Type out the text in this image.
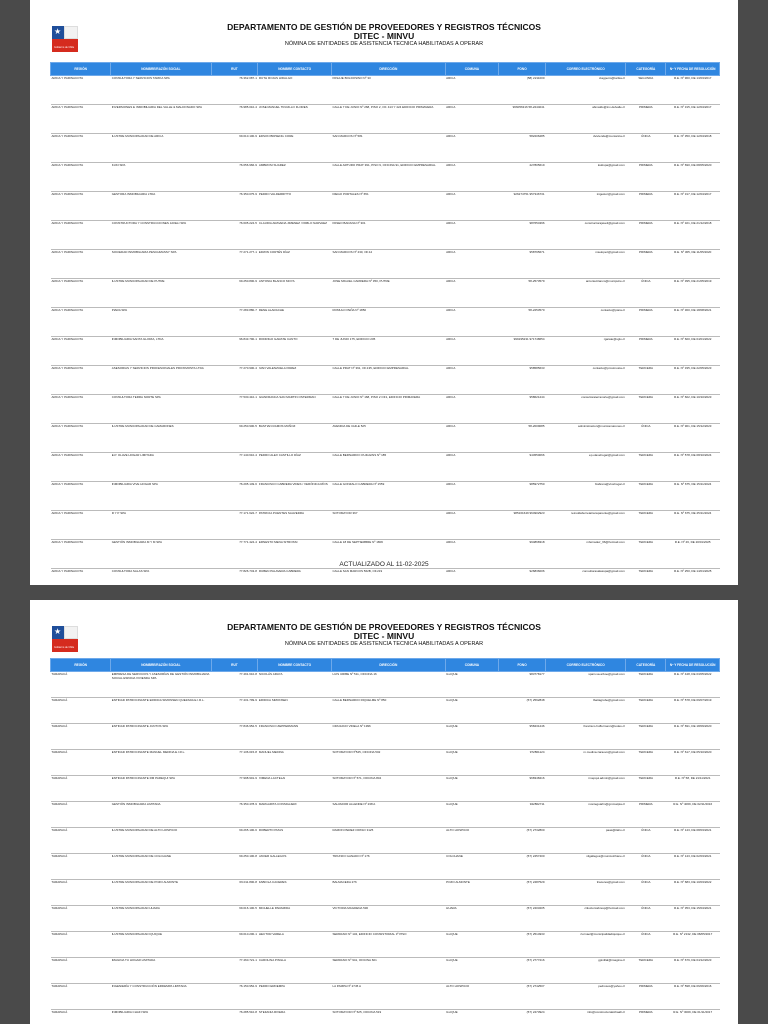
★
Gobierno de Chile
DEPARTAMENTO DE GESTIÓN DE PROVEEDORES Y REGISTROS TÉCNICOS
DITEC - MINVU
NÓMINA DE ENTIDADES DE ASISTENCIA TECNICA HABILITADAS A OPERAR
REGIÓN	NOMBRE/RAZÓN SOCIAL	RUT	NOMBRE CONTACTO	DIRECCIÓN	COMUNA	FONO	CORREO ELECTRÓNICO	CATEGORÍA	Nº Y FECHA DE RESOLUCIÓN
ARICA Y PARINACOTA	CONSULTORA Y SERVICIOS TARIKA SPA	76.362.087-1	RUTH ROJAS HIDALGO	PASAJE BOLDOSINO Nº 33	ARICA	(58) 2211000	ctagpeiro@tarika.cl	SEGUNDA	R.E. Nº 960, DE 13/03/2017
ARICA Y PARINACOTA	INVERSIONES E INMOBILIARIA DEL VALLE & MALDONADO SPA	76.985.010-4	JOSE MANUEL TRUJILLO FLORES	CALLE 7 DE JUNIO Nº 268, PISO 2, OF. 413 Y 424 EDIFICIO PRIMAVERA	ARICA	966056316 58-2244041	abmaldo@inv-delvalle.cl	PRIMERA	R.E. Nº 315, DE 12/04/2017
ARICA Y PARINACOTA	ILUSTRE MUNICIPALIDAD DE ARICA	69.010.100-9	EDSON BIRSENG CORE	SAN MARCOS Nº 581	ARICA	582206285	dvivienda@muniarica.cl	ÚNICA	R.E. Nº 350, DE 12/04/2018
ARICA Y PARINACOTA	KUKI SPA	76.656.966-9	AMBROSI SUAREZ	CALLE ARTURO PRAT 391, PISO 9, OFICINA 91, EDIFICIO EMPRESARIAL	ARICA	227805619	kukispa@gmail.com	PRIMERA	R.E. Nº 690, DE 08/05/2020
ARICA Y PARINACOTA	GESTORA INMOBILIARIA LTDA	76.350.075-9	PEDRO VALDERRITTO	DIEGO PORTALES Nº 651	ARICA	926274751 957346731	inigestor@gmail.com	PRIMERA	R.E. Nº 317, DE 12/04/2017
ARICA Y PARINACOTA	CONSTRUCTORA Y CONSTRUCCIONES JAVELI SPA	76.605.224-5	CLAUDIA ARAVENA JIMENEZ / PABLO NARVAEZ	PASEO BADANA Nº 301	ARICA	987654396	constructorajaveli@gmail.com	PRIMERA	R.E. Nº 321, DE 21/12/2018
ARICA Y PARINACOTA	SOCIEDAD INMOBILIARIA PESCHMASSY SPA	77.271.277-1	EDWIN CORTÉS DÍAZ	SAN MARCOS Nº 430, OF.12	ARICA	958795671	mselopez@gmail.com	PRIMERA	R.E. Nº 305, DE 11/05/2020
ARICA Y PARINACOTA	ILUSTRE MUNICIPALIDAD DE PUTRE	69.250.800-9	ANTONIA BLANCO MOYA	JOSE MIGUEL CARRERA Nº 350, PUTRE	ARICA	58-2573579	antonia.blanco@muniputre.cl	ÚNICA	R.E. Nº 395, DE 21/05/2019
ARICA Y PARINACOTA	PIARA SPA	77.283.880-7	RENE ALARACHE	ROMULO PEÑA Nº 1850	ARICA	58-2253570	contacto@piara.cl	PRIMERA	R.E. Nº 300, DE 18/08/2021
ARICA Y PARINACOTA	INMOBILIARIA SANTA GLORIA, LTDA	96.843.790-1	RODRIGO GARATE CANTO	7 DE JUNIO 175, EDIFICIO 205	ARICA	999195231 971748654	rgarate@sglo.cl	PRIMERA	R.E. Nº 600, DE 04/01/2022
ARICA Y PARINACOTA	ASESORIAS Y SERVICIOS PROFESIONALES PROXIMOSTA LTDA	77.270.900-4	IVAN VALENZUELA PAREZ	CALLE PRAT Nº 391, OF.135, EDIFICIO EMPRESARIAL	ARICA	958585633	contacto@proximosta.cl	TERCERA	R.E. Nº 335, DE 22/05/2023
ARICA Y PARINACOTA	CONSULTORA TERRA NORTE SPA	77.530.410-1	GIANFRANCA SAN MARTIN OSTERMAN	CALLE 7 DE JUNIO Nº 168, PISO 2 OF1, EDIFICIO PRIMAVERA	ARICA	958621244	consultoraterranorte@gmail.com	TERCERA	R.E. Nº 602, DE 10/10/2023
ARICA Y PARINACOTA	ILUSTRE MUNICIPALIDAD DE CAMARONES	69.250.900-5	BASTIAN RAMOS MUÑOZ	AVENIDA DE CHILE 525	ARICA	58-2009085	administracion@municamarones.cl	ÚNICA	R.E. Nº 901, DE 15/12/2023
ARICA Y PARINACOTA	E.P. OLAVE HOGAR LIMITADA	77.140.610-4	PEDRO ALEX CASTILLO DÍAZ	CALLE BERNARDO O'HIGGINS Nº 185	ARICA	944550066	ep.olavehogar@gmail.com	TERCERA	R.E. Nº 578, DE 08/10/2024
ARICA Y PARINACOTA	INMOBILIARIA VIVE HOGAR SPA	76.295.149-6	FRANCISCO CABRERA VIDES / VERÓNICA RÍOS	CALLE GONZALO CABRERA Nº 1559	ARICA	985972750	fcabrera@vivehogar.cl	TERCERA	R.E. Nº 675, DE 15/11/2024
ARICA Y PARINACOTA	R Y P SPA	77.171.622-7	PATRICIA PUENTES SAAVEDRA	SOTOMAYOR 367	ARICA	985161649 964902923	reinoldaburretatransparente@gmail.com	TERCERA	R.E. Nº 675, DE 25/11/2024
ARICA Y PARINACOTA	GESTIÓN INMOBILIARIA M Y M SPA	77.771.424-4	ERNESTO MENA SITROSSI	CALLE 18 DE SEPTIEMBRE Nº 1806	ARICA	994868318	mfernadez_66@hotmail.com	TERCERA	R.E. Nº 46, DE 20/01/2025
ARICA Y PARINACOTA	CONSULTORA SALAS SPA	77.826.743-8	RUBEN PALAVERA CABRERA	CALLE SAN MARCOS 562B, OF.219	ARICA	926836006	consultorasalasspa@gmail.com	TERCERA	R.E. Nº 250, DE 14/01/2025

ACTUALIZADO AL 11-02-2025
★
Gobierno de Chile
DEPARTAMENTO DE GESTIÓN DE PROVEEDORES Y REGISTROS TÉCNICOS
DITEC - MINVU
NÓMINA DE ENTIDADES DE ASISTENCIA TECNICA HABILITADAS A OPERAR
REGIÓN	NOMBRE/RAZÓN SOCIAL	RUT	NOMBRE CONTACTO	DIRECCIÓN	COMUNA	FONO	CORREO ELECTRÓNICO	CATEGORÍA	Nº Y FECHA DE RESOLUCIÓN
TARAPACÁ	EMPRESA DE SERVICIOS Y ASESORÍAS DE GESTIÓN INMOBILIARIA SOCIAL ESPANA VIVIENDA SPA	77.491.610-8	NICOLÁS ARAYA	LUIS URIBE Nº 511, OFICINA 16	ILLIQUE	983778177	spain.sa.arboe@gmail.com	TERCERA	R.E. Nº 448, DE 03/05/2022
TARAPACÁ	ENTIDAD PATROCINANTE ERIDICA SIMONSEN QUEZADA E.I.R.L.	77.431.799-9	ERIDICA SIMONSEN	CALLE BERNARDO RIQUELME Nº 850	ILLIQUE	(57) 2592848	lbattagrobe@gmail.com	TERCERA	R.E. Nº 578, DE 09/07/2019
TARAPACÁ	ENTIDAD PATROCINANTE JUNTOS SPA	77.846.952-5	FRANCISCO ZEPPERMANN	CIRUJANO VIDELA Nº 1996	ILLIQUE	958431246	francisco.huffermann@todes.cl	TERCERA	R.E. Nº 691, DE 18/09/2020
TARAPACÁ	ENTIDAD PATROCINANTE MANUEL MEDINA E.I.R.L.	77.136.015-8	MANUEL MEDINA	SOTOMAYOR Nº525, OFICINA 502	ILLIQUE	972861124	m.medina.zaraovo@gmail.com	TERCERA	R.E. Nº 617, DE 05/10/2020
TARAPACÁ	ENTIDAD PATROCINANTE RM PAREQUI SPA	77.998.901-9	XIMENA LACTELAI	SOTOMAYOR Nº 571, OFICINA 804	ILLIQUE	968348416	rmepqui.admin@gmail.com	TERCERA	R.E. Nº 58, DE 21/11/2021
TARAPACÁ	GESTIÓN INMOBILIARIA LIMITADA	76.350.478-9	MARGARITA CONSIGLIERI	SALVADOR ALLENDE Nº 238 A	ILLIQUE	942862711	monteguiafm@gmmatpia.cl	PRIMERA	R.E. Nº 4069, DE 02/11/2016
TARAPACÁ	ILUSTRE MUNICIPALIDAD DE ALTO HOSPICIO	69.265.100-6	ROBERTO PIZAS	RAMON PEREZ OPASO 3125	ALTO HOSPICIO	(57) 2732800	paas@ilaho.cl	ÚNICA	R.E. Nº 143, DE 08/03/2021
TARAPACÁ	ILUSTRE MUNICIPALIDAD DE COLCHANE	69.250.100-8	JAVIER GALLEGOS	TRIUNFO GANADO Nº 176	COLCHANE	(57) 2457400	vilgallegos@municolchane.cl	ÚNICA	R.E. Nº 143, DE 02/03/2021
TARAPACÁ	ILUSTRE MUNICIPALIDAD DE POZO ALMONTE	69.011.800-8	FABIOLA CACERES	BALMACEDA 276	POZO ALMONTE	(57) 2487529	fcaceres@gmail.com	ÚNICA	R.E. Nº 683, DE 10/03/2022
TARAPACÁ	ILUSTRE MUNICIPALIDAD HUARA	69.016.100-5	MICHELLE PARAMIDA	VICTORIA MAGDENA 530	HUARA	(57) 2403205	citiuctorcabresp@hotmail.com	ÚNICA	R.E. Nº 353, DE 15/04/2021
TARAPACÁ	ILUSTRE MUNICIPALIDAD IQUIQUE	69.010.200-1	HECTOR VARELA	SERRANO Nº 134, EDIFICIO CONSISTORIAL 3º PISO	ILLIQUE	(57) 2514933	rtornaol@municipalidadiquique.cl	ÚNICA	R.E. Nº 2132, DE 08/05/2017
TARAPACÁ	IMAGINA TU HOGAR LIMITADA	77.460.721-1	CAROLINA PINILLA	SERRANO Nº 941, OFICINA 601	ILLIQUE	(57) 2777216	gpinillal@imagina.cl	TERCERA	R.E. Nº 679, DE 04/12/2023
TARAPACÁ	INGENIERÍA Y CONSTRUCCIÓN ERDEMPA LIMITADA	76.150.952-9	PEDRO ERDEMPA	LA PAMPA Nº 2745 A	ALTO HOSPICIO	(57) 2742507	pedrosos@yahoo.cl	PRIMERA	R.E. Nº 598, DE 06/06/2016
TARAPACÁ	INMOBILIARIA CHAFI SPA	76.285.510-8	STEFANIA RIVERA	SOTOMAYOR Nº 525, OFICINA 519	ILLIQUE	(57) 2473924	info@constructorakichaafi.cl	PRIMERA	R.E. Nº 3009, DE 01/11/2017
